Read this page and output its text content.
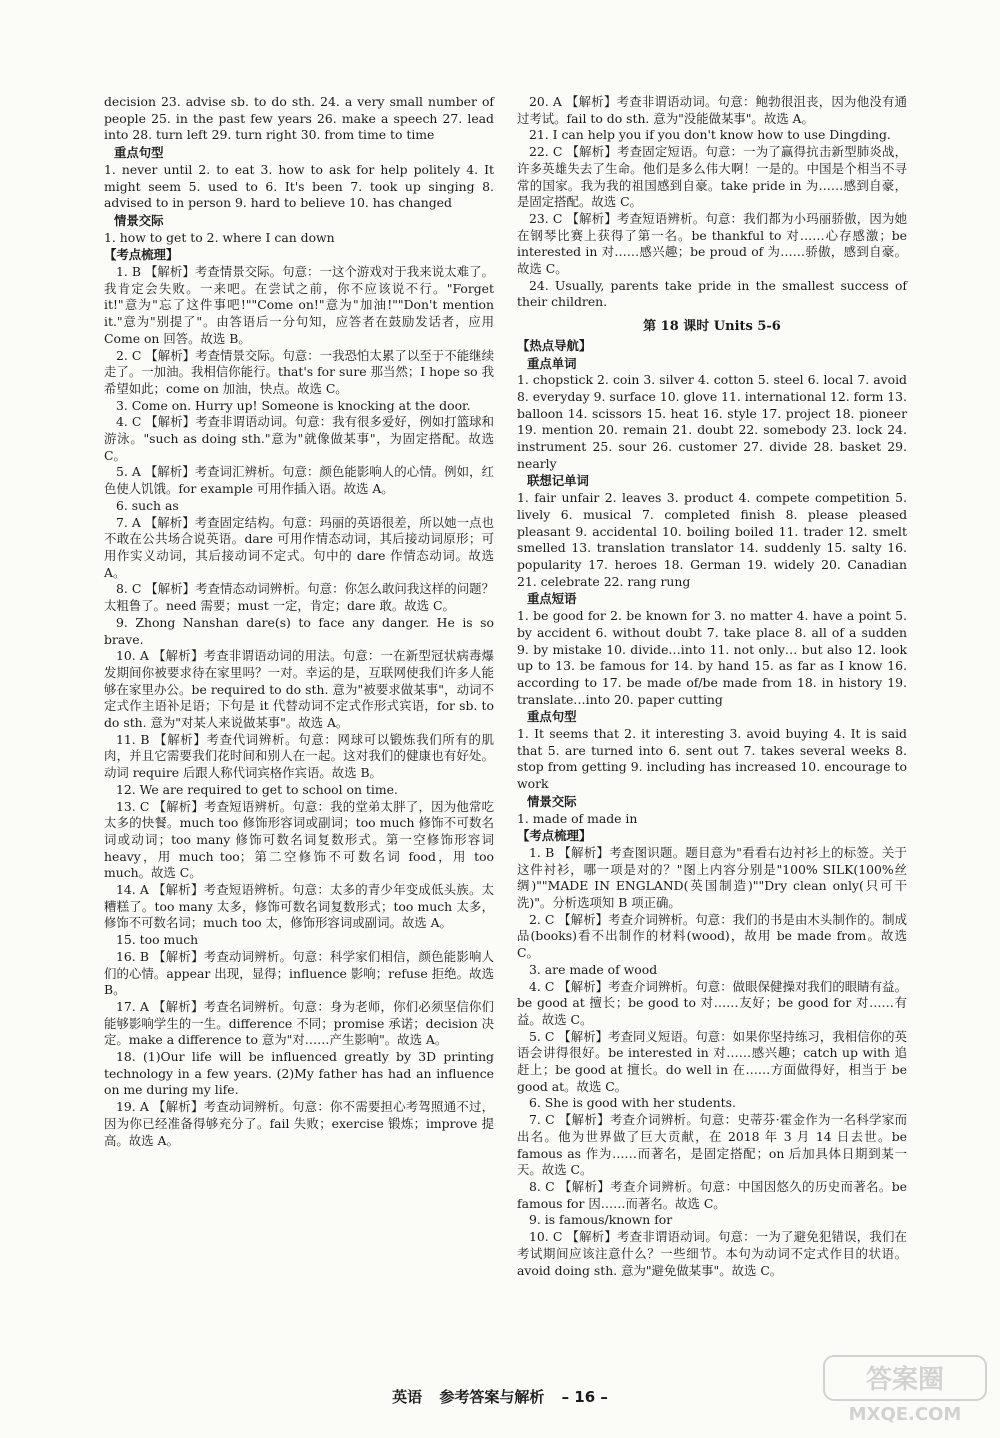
decision 23. advise sb. to do sth. 24. a very small number of people 25. in the past few years 26. make a speech 27. lead into 28. turn left 29. turn right 30. from time to time

重点句型

1. never until 2. to eat 3. how to ask for help politely 4. It might seem 5. used to 6. It's been 7. took up singing 8. advised to in person 9. hard to believe 10. has changed

情景交际

1. how to get to 2. where I can down

【考点梳理】

1. B 【解析】考查情景交际。句意：一这个游戏对于我来说太难了。我肯定会失败。一来吧。在尝试之前，你不应该说不行。"Forget it!"意为"忘了这件事吧!""Come on!"意为"加油!""Don't mention it."意为"别提了"。由答语后一分句知，应答者在鼓励发话者，应用 Come on 回答。故选 B。

2. C 【解析】考查情景交际。句意：一我恐怕太累了以至于不能继续走了。一加油。我相信你能行。that's for sure 那当然；I hope so 我希望如此；come on 加油，快点。故选 C。

3. Come on. Hurry up! Someone is knocking at the door.

4. C 【解析】考查非谓语动词。句意：我有很多爱好，例如打篮球和游泳。"such as doing sth."意为"就像做某事"，为固定搭配。故选 C。

5. A 【解析】考查词汇辨析。句意：颜色能影响人的心情。例如，红色使人饥饿。for example 可用作插入语。故选 A。

6. such as

7. A 【解析】考查固定结构。句意：玛丽的英语很差，所以她一点也不敢在公共场合说英语。dare 可用作情态动词，其后接动词原形；可用作实义动词，其后接动词不定式。句中的 dare 作情态动词。故选 A。

8. C 【解析】考查情态动词辨析。句意：你怎么敢问我这样的问题？太粗鲁了。need 需要；must 一定，肯定；dare 敢。故选 C。

9. Zhong Nanshan dare(s) to face any danger. He is so brave.

10. A 【解析】考查非谓语动词的用法。句意：一在新型冠状病毒爆发期间你被要求待在家里吗？一对。幸运的是，互联网使我们许多人能够在家里办公。be required to do sth. 意为"被要求做某事"，动词不定式作主语补足语；下句是 it 代替动词不定式作形式宾语，for sb. to do sth. 意为"对某人来说做某事"。故选 A。

11. B 【解析】考查代词辨析。句意：网球可以锻炼我们所有的肌肉，并且它需要我们花时间和别人在一起。这对我们的健康也有好处。动词 require 后跟人称代词宾格作宾语。故选 B。

12. We are required to get to school on time.

13. C 【解析】考查短语辨析。句意：我的堂弟太胖了，因为他常吃太多的快餐。much too 修饰形容词或副词；too much 修饰不可数名词或动词；too many 修饰可数名词复数形式。第一空修饰形容词 heavy，用 much too；第二空修饰不可数名词 food，用 too much。故选 C。

14. A 【解析】考查短语辨析。句意：太多的青少年变成低头族。太糟糕了。too many 太多，修饰可数名词复数形式；too much 太多，修饰不可数名词；much too 太，修饰形容词或副词。故选 A。

15. too much

16. B 【解析】考查动词辨析。句意：科学家们相信，颜色能影响人们的心情。appear 出现，显得；influence 影响；refuse 拒绝。故选 B。

17. A 【解析】考查名词辨析。句意：身为老师，你们必须坚信你们能够影响学生的一生。difference 不同；promise 承诺；decision 决定。make a difference to 意为"对……产生影响"。故选 A。

18. (1)Our life will be influenced greatly by 3D printing technology in a few years. (2)My father has had an influence on me during my life.

19. A 【解析】考查动词辨析。句意：你不需要担心考驾照通不过，因为你已经准备得够充分了。fail 失败；exercise 锻炼；improve 提高。故选 A。

20. A 【解析】考查非谓语动词。句意：鲍勃很沮丧，因为他没有通过考试。fail to do sth. 意为"没能做某事"。故选 A。

21. I can help you if you don't know how to use Dingding.

22. C 【解析】考查固定短语。句意：一为了赢得抗击新型肺炎战，许多英雄失去了生命。他们是多么伟大啊！一是的。中国是个相当不寻常的国家。我为我的祖国感到自豪。take pride in 为……感到自豪，是固定搭配。故选 C。

23. C 【解析】考查短语辨析。句意：我们都为小玛丽骄傲，因为她在钢琴比赛上获得了第一名。be thankful to 对……心存感激；be interested in 对……感兴趣；be proud of 为……骄傲，感到自豪。故选 C。

24. Usually, parents take pride in the smallest success of their children.

第 18 课时 Units 5-6

【热点导航】

重点单词

1. chopstick 2. coin 3. silver 4. cotton 5. steel 6. local 7. avoid 8. everyday 9. surface 10. glove 11. international 12. form 13. balloon 14. scissors 15. heat 16. style 17. project 18. pioneer 19. mention 20. remain 21. doubt 22. somebody 23. lock 24. instrument 25. sour 26. customer 27. divide 28. basket 29. nearly

联想记单词

1. fair unfair 2. leaves 3. product 4. compete competition 5. lively 6. musical 7. completed finish 8. please pleased pleasant 9. accidental 10. boiling boiled 11. trader 12. smelt smelled 13. translation translator 14. suddenly 15. salty 16. popularity 17. heroes 18. German 19. widely 20. Canadian 21. celebrate 22. rang rung

重点短语

1. be good for 2. be known for 3. no matter 4. have a point 5. by accident 6. without doubt 7. take place 8. all of a sudden 9. by mistake 10. divide…into 11. not only… but also 12. look up to 13. be famous for 14. by hand 15. as far as I know 16. according to 17. be made of/be made from 18. in history 19. translate…into 20. paper cutting

重点句型

1. It seems that 2. it interesting 3. avoid buying 4. It is said that 5. are turned into 6. sent out 7. takes several weeks 8. stop from getting 9. including has increased 10. encourage to work

情景交际

1. made of made in

【考点梳理】

1. B 【解析】考查图识题。题目意为"看看右边衬衫上的标签。关于这件衬衫，哪一项是对的？"图上内容分别是"100% SILK(100%丝绸)""MADE IN ENGLAND(英国制造)""Dry clean only(只可干洗)"。分析选项知 B 项正确。

2. C 【解析】考查介词辨析。句意：我们的书是由木头制作的。制成品(books)看不出制作的材料(wood)，故用 be made from。故选 C。

3. are made of wood

4. C 【解析】考查介词辨析。句意：做眼保健操对我们的眼睛有益。be good at 擅长；be good to 对……友好；be good for 对……有益。故选 C。

5. C 【解析】考查同义短语。句意：如果你坚持练习，我相信你的英语会讲得很好。be interested in 对……感兴趣；catch up with 追赶上；be good at 擅长。do well in 在……方面做得好，相当于 be good at。故选 C。

6. She is good with her students.

7. C 【解析】考查介词辨析。句意：史蒂芬·霍金作为一名科学家而出名。他为世界做了巨大贡献，在 2018 年 3 月 14 日去世。be famous as 作为……而著名，是固定搭配；on 后加具体日期到某一天。故选 C。

8. C 【解析】考查介词辨析。句意：中国因悠久的历史而著名。be famous for 因……而著名。故选 C。

9. is famous/known for

10. C 【解析】考查非谓语动词。句意：一为了避免犯错误，我们在考试期间应该注意什么？一些细节。本句为动词不定式作目的状语。avoid doing sth. 意为"避免做某事"。故选 C。

英语 参考答案与解析 – 16 –
答案圈
MXQE.COM
